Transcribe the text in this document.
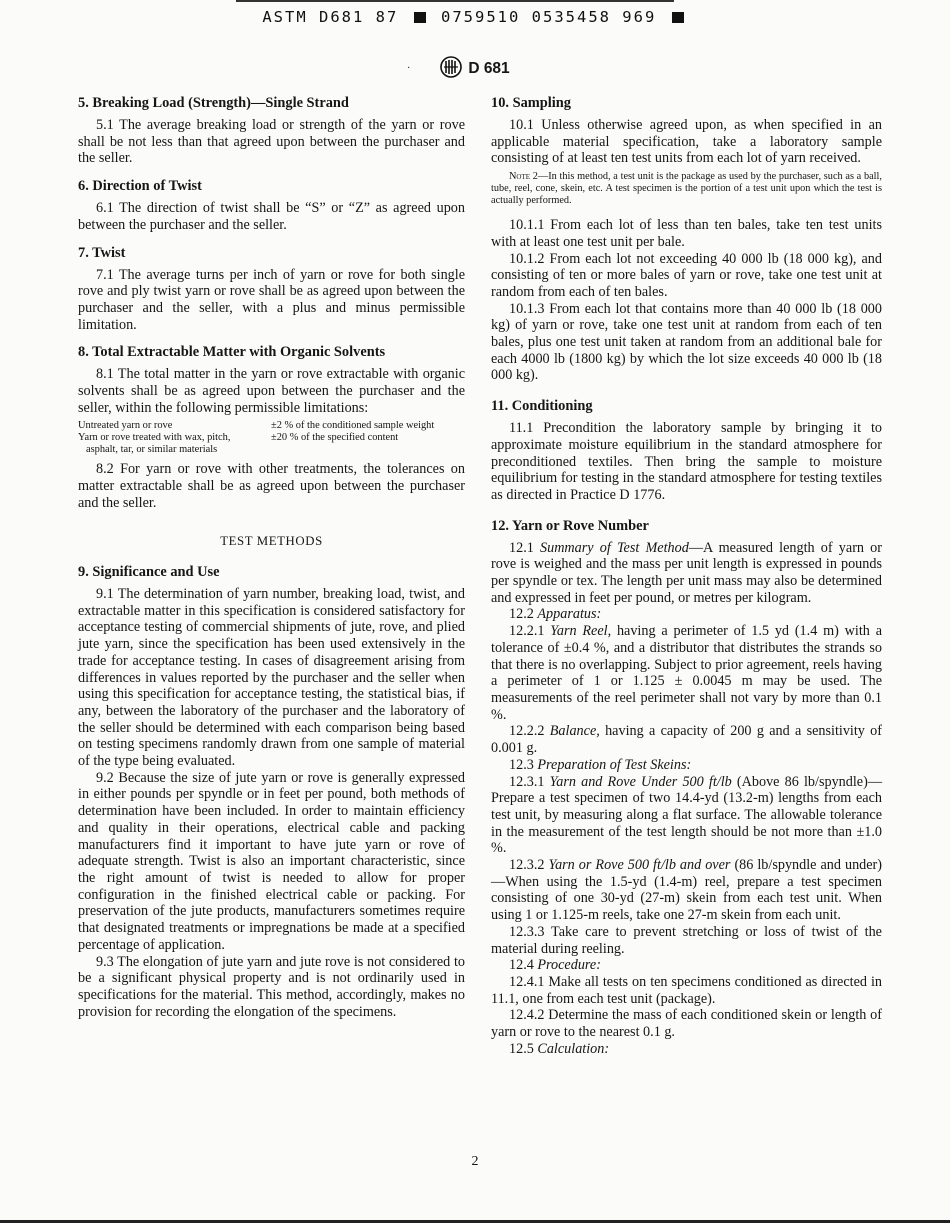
ASTM D681 87	0759510 0535458 969
·	D 681
5. Breaking Load (Strength)—Single Strand

5.1 The average breaking load or strength of the yarn or rove shall be not less than that agreed upon between the purchaser and the seller.

6. Direction of Twist

6.1 The direction of twist shall be “S” or “Z” as agreed upon between the purchaser and the seller.

7. Twist

7.1 The average turns per inch of yarn or rove for both single rove and ply twist yarn or rove shall be as agreed upon between the purchaser and the seller, with a plus and minus permissible limitation.

8. Total Extractable Matter with Organic Solvents

8.1 The total matter in the yarn or rove extractable with organic solvents shall be as agreed upon between the purchaser and the seller, within the following permissible limitations:

Untreated yarn or rove
Yarn or rove treated with wax, pitch,
asphalt, tar, or similar materials
±2 % of the conditioned sample weight
±20 % of the specified content

8.2 For yarn or rove with other treatments, the tolerances on matter extractable shall be as agreed upon between the purchaser and the seller.

TEST METHODS
9. Significance and Use

9.1 The determination of yarn number, breaking load, twist, and extractable matter in this specification is considered satisfactory for acceptance testing of commercial shipments of jute, rove, and plied jute yarn, since the specification has been used extensively in the trade for acceptance testing. In cases of disagreement arising from differences in values reported by the purchaser and the seller when using this specification for acceptance testing, the statistical bias, if any, between the laboratory of the purchaser and the laboratory of the seller should be determined with each comparison being based on testing specimens randomly drawn from one sample of material of the type being evaluated.

9.2 Because the size of jute yarn or rove is generally expressed in either pounds per spyndle or in feet per pound, both methods of determination have been included. In order to maintain efficiency and quality in their operations, electrical cable and packing manufacturers find it important to have jute yarn or rove of adequate strength. Twist is also an important characteristic, since the right amount of twist is needed to allow for proper configuration in the finished electrical cable or packing. For preservation of the jute products, manufacturers sometimes require that designated treatments or impregnations be made at a specified percentage of application.

9.3 The elongation of jute yarn and jute rove is not considered to be a significant physical property and is not ordinarily used in specifications for the material. This method, accordingly, makes no provision for recording the elongation of the specimens.

10. Sampling

10.1 Unless otherwise agreed upon, as when specified in an applicable material specification, take a laboratory sample consisting of at least ten test units from each lot of yarn received.

Note 2—In this method, a test unit is the package as used by the purchaser, such as a ball, tube, reel, cone, skein, etc. A test specimen is the portion of a test unit upon which the test is actually performed.

10.1.1 From each lot of less than ten bales, take ten test units with at least one test unit per bale.

10.1.2 From each lot not exceeding 40 000 lb (18 000 kg), and consisting of ten or more bales of yarn or rove, take one test unit at random from each of ten bales.

10.1.3 From each lot that contains more than 40 000 lb (18 000 kg) of yarn or rove, take one test unit at random from each of ten bales, plus one test unit taken at random from an additional bale for each 4000 lb (1800 kg) by which the lot size exceeds 40 000 lb (18 000 kg).

11. Conditioning

11.1 Precondition the laboratory sample by bringing it to approximate moisture equilibrium in the standard atmosphere for preconditioned textiles. Then bring the sample to moisture equilibrium for testing in the standard atmosphere for testing textiles as directed in Practice D 1776.

12. Yarn or Rove Number

12.1 Summary of Test Method—A measured length of yarn or rove is weighed and the mass per unit length is expressed in pounds per spyndle or tex. The length per unit mass may also be determined and expressed in feet per pound, or metres per kilogram.

12.2 Apparatus:

12.2.1 Yarn Reel, having a perimeter of 1.5 yd (1.4 m) with a tolerance of ±0.4 %, and a distributor that distributes the strands so that there is no overlapping. Subject to prior agreement, reels having a perimeter of 1 or 1.125 ± 0.0045 m may be used. The measurements of the reel perimeter shall not vary by more than 0.1 %.

12.2.2 Balance, having a capacity of 200 g and a sensitivity of 0.001 g.

12.3 Preparation of Test Skeins:

12.3.1 Yarn and Rove Under 500 ft/lb (Above 86 lb/spyndle)—Prepare a test specimen of two 14.4-yd (13.2-m) lengths from each test unit, by measuring along a flat surface. The allowable tolerance in the measurement of the test length should be not more than ±1.0 %.

12.3.2 Yarn or Rove 500 ft/lb and over (86 lb/spyndle and under)—When using the 1.5-yd (1.4-m) reel, prepare a test specimen consisting of one 30-yd (27-m) skein from each test unit. When using 1 or 1.125-m reels, take one 27-m skein from each unit.

12.3.3 Take care to prevent stretching or loss of twist of the material during reeling.

12.4 Procedure:

12.4.1 Make all tests on ten specimens conditioned as directed in 11.1, one from each test unit (package).

12.4.2 Determine the mass of each conditioned skein or length of yarn or rove to the nearest 0.1 g.

12.5 Calculation:

2
